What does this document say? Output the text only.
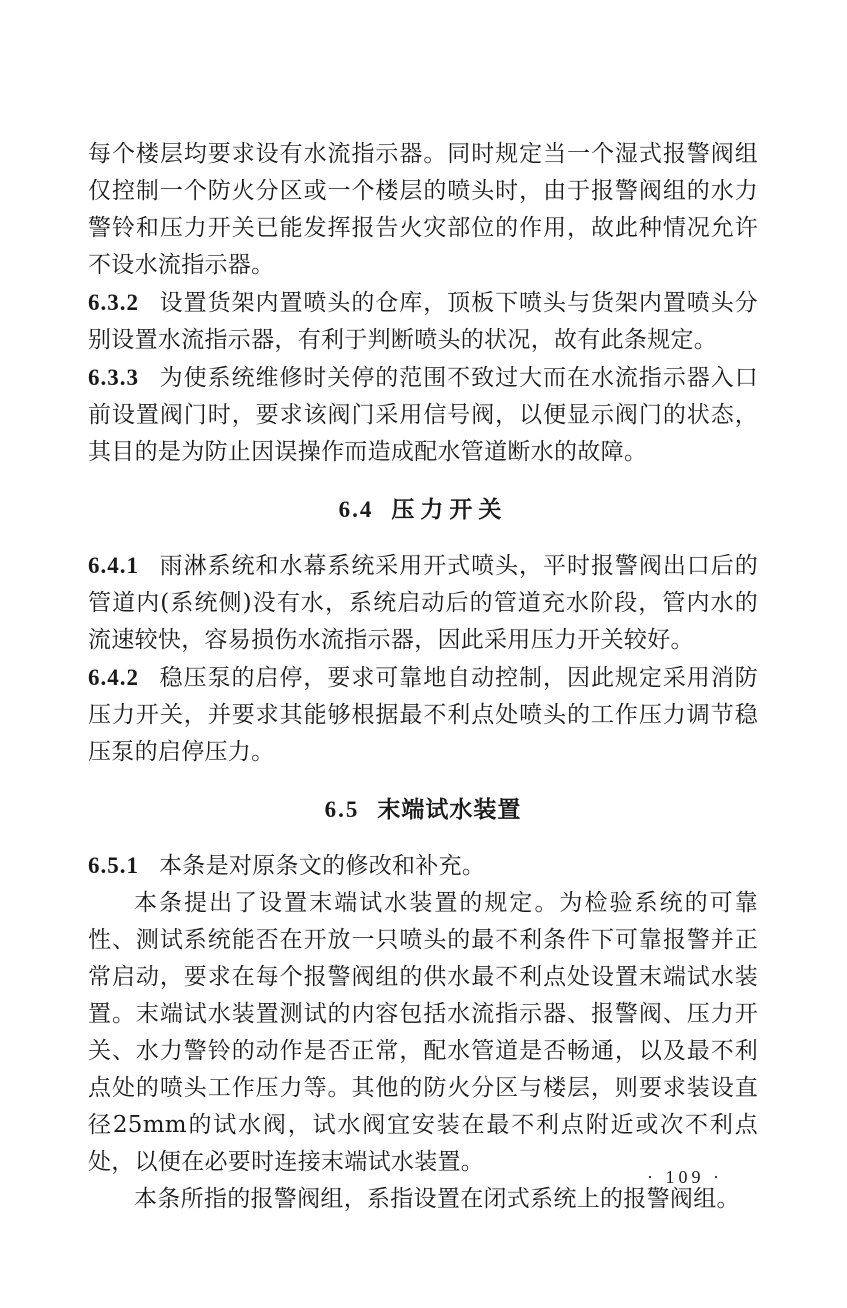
每个楼层均要求设有水流指示器。同时规定当一个湿式报警阀组仅控制一个防火分区或一个楼层的喷头时，由于报警阀组的水力警铃和压力开关已能发挥报告火灾部位的作用，故此种情况允许不设水流指示器。

6.3.2 设置货架内置喷头的仓库，顶板下喷头与货架内置喷头分别设置水流指示器，有利于判断喷头的状况，故有此条规定。

6.3.3 为使系统维修时关停的范围不致过大而在水流指示器入口前设置阀门时，要求该阀门采用信号阀，以便显示阀门的状态，其目的是为防止因误操作而造成配水管道断水的故障。

6.4 压力开关

6.4.1 雨淋系统和水幕系统采用开式喷头，平时报警阀出口后的管道内(系统侧)没有水，系统启动后的管道充水阶段，管内水的流速较快，容易损伤水流指示器，因此采用压力开关较好。

6.4.2 稳压泵的启停，要求可靠地自动控制，因此规定采用消防压力开关，并要求其能够根据最不利点处喷头的工作压力调节稳压泵的启停压力。

6.5 末端试水装置

6.5.1 本条是对原条文的修改和补充。

本条提出了设置末端试水装置的规定。为检验系统的可靠性、测试系统能否在开放一只喷头的最不利条件下可靠报警并正常启动，要求在每个报警阀组的供水最不利点处设置末端试水装置。末端试水装置测试的内容包括水流指示器、报警阀、压力开关、水力警铃的动作是否正常，配水管道是否畅通，以及最不利点处的喷头工作压力等。其他的防火分区与楼层，则要求装设直径25mm的试水阀，试水阀宜安装在最不利点附近或次不利点处，以便在必要时连接末端试水装置。

本条所指的报警阀组，系指设置在闭式系统上的报警阀组。

· 109 ·
